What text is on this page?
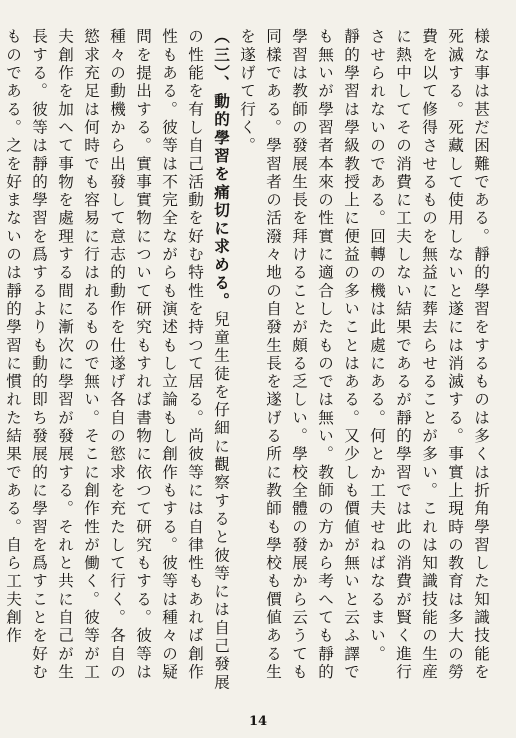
様な事は甚だ困難である。靜的學習をするものは多くは折角學習した知識技能を死滅する。死藏して使用しないと遂には消滅する。事實上現時の教育は多大の勞費を以て修得させるものを無益に葬去らせることが多い。これは知識技能の生産に熱中してその消費に工夫しない結果であるが靜的學習では此の消費が賢く進行させられないのである。回轉の機は此處にある。何とか工夫せねばなるまい。

靜的學習は學級教授上に便益の多いことはある。又少しも價値が無いと云ふ譯でも無いが學習者本來の性實に適合したものでは無い。教師の方から考へても靜的學習は教師の發展生長を拜けることが頗る乏しい。學校全體の發展から云うても同樣である。學習者の活潑々地の自發生長を遂げる所に教師も學校も價値ある生を遂げて行く。

（三）、動的學習を痛切に求める。兒童生徒を仔細に觀察すると彼等には自己發展の性能を有し自己活動を好む特性を持つて居る。尚彼等には自律性もあれば創作性もある。彼等は不完全ながらも演述もし立論もし創作もする。彼等は種々の疑問を提出する。實事實物について研究もすれば書物に依つて研究もする。彼等は種々の動機から出發して意志的動作を仕遂げ各自の慾求を充たして行く。各自の慾求充足は何時でも容易に行はれるもので無い。そこに創作性が働く。彼等が工夫創作を加へて事物を處理する間に漸次に學習が發展する。それと共に自己が生長する。彼等は靜的學習を爲するよりも動的即ち發展的に學習を爲すことを好むものである。之を好まないのは靜的學習に慣れた結果である。自ら工夫創作

14
